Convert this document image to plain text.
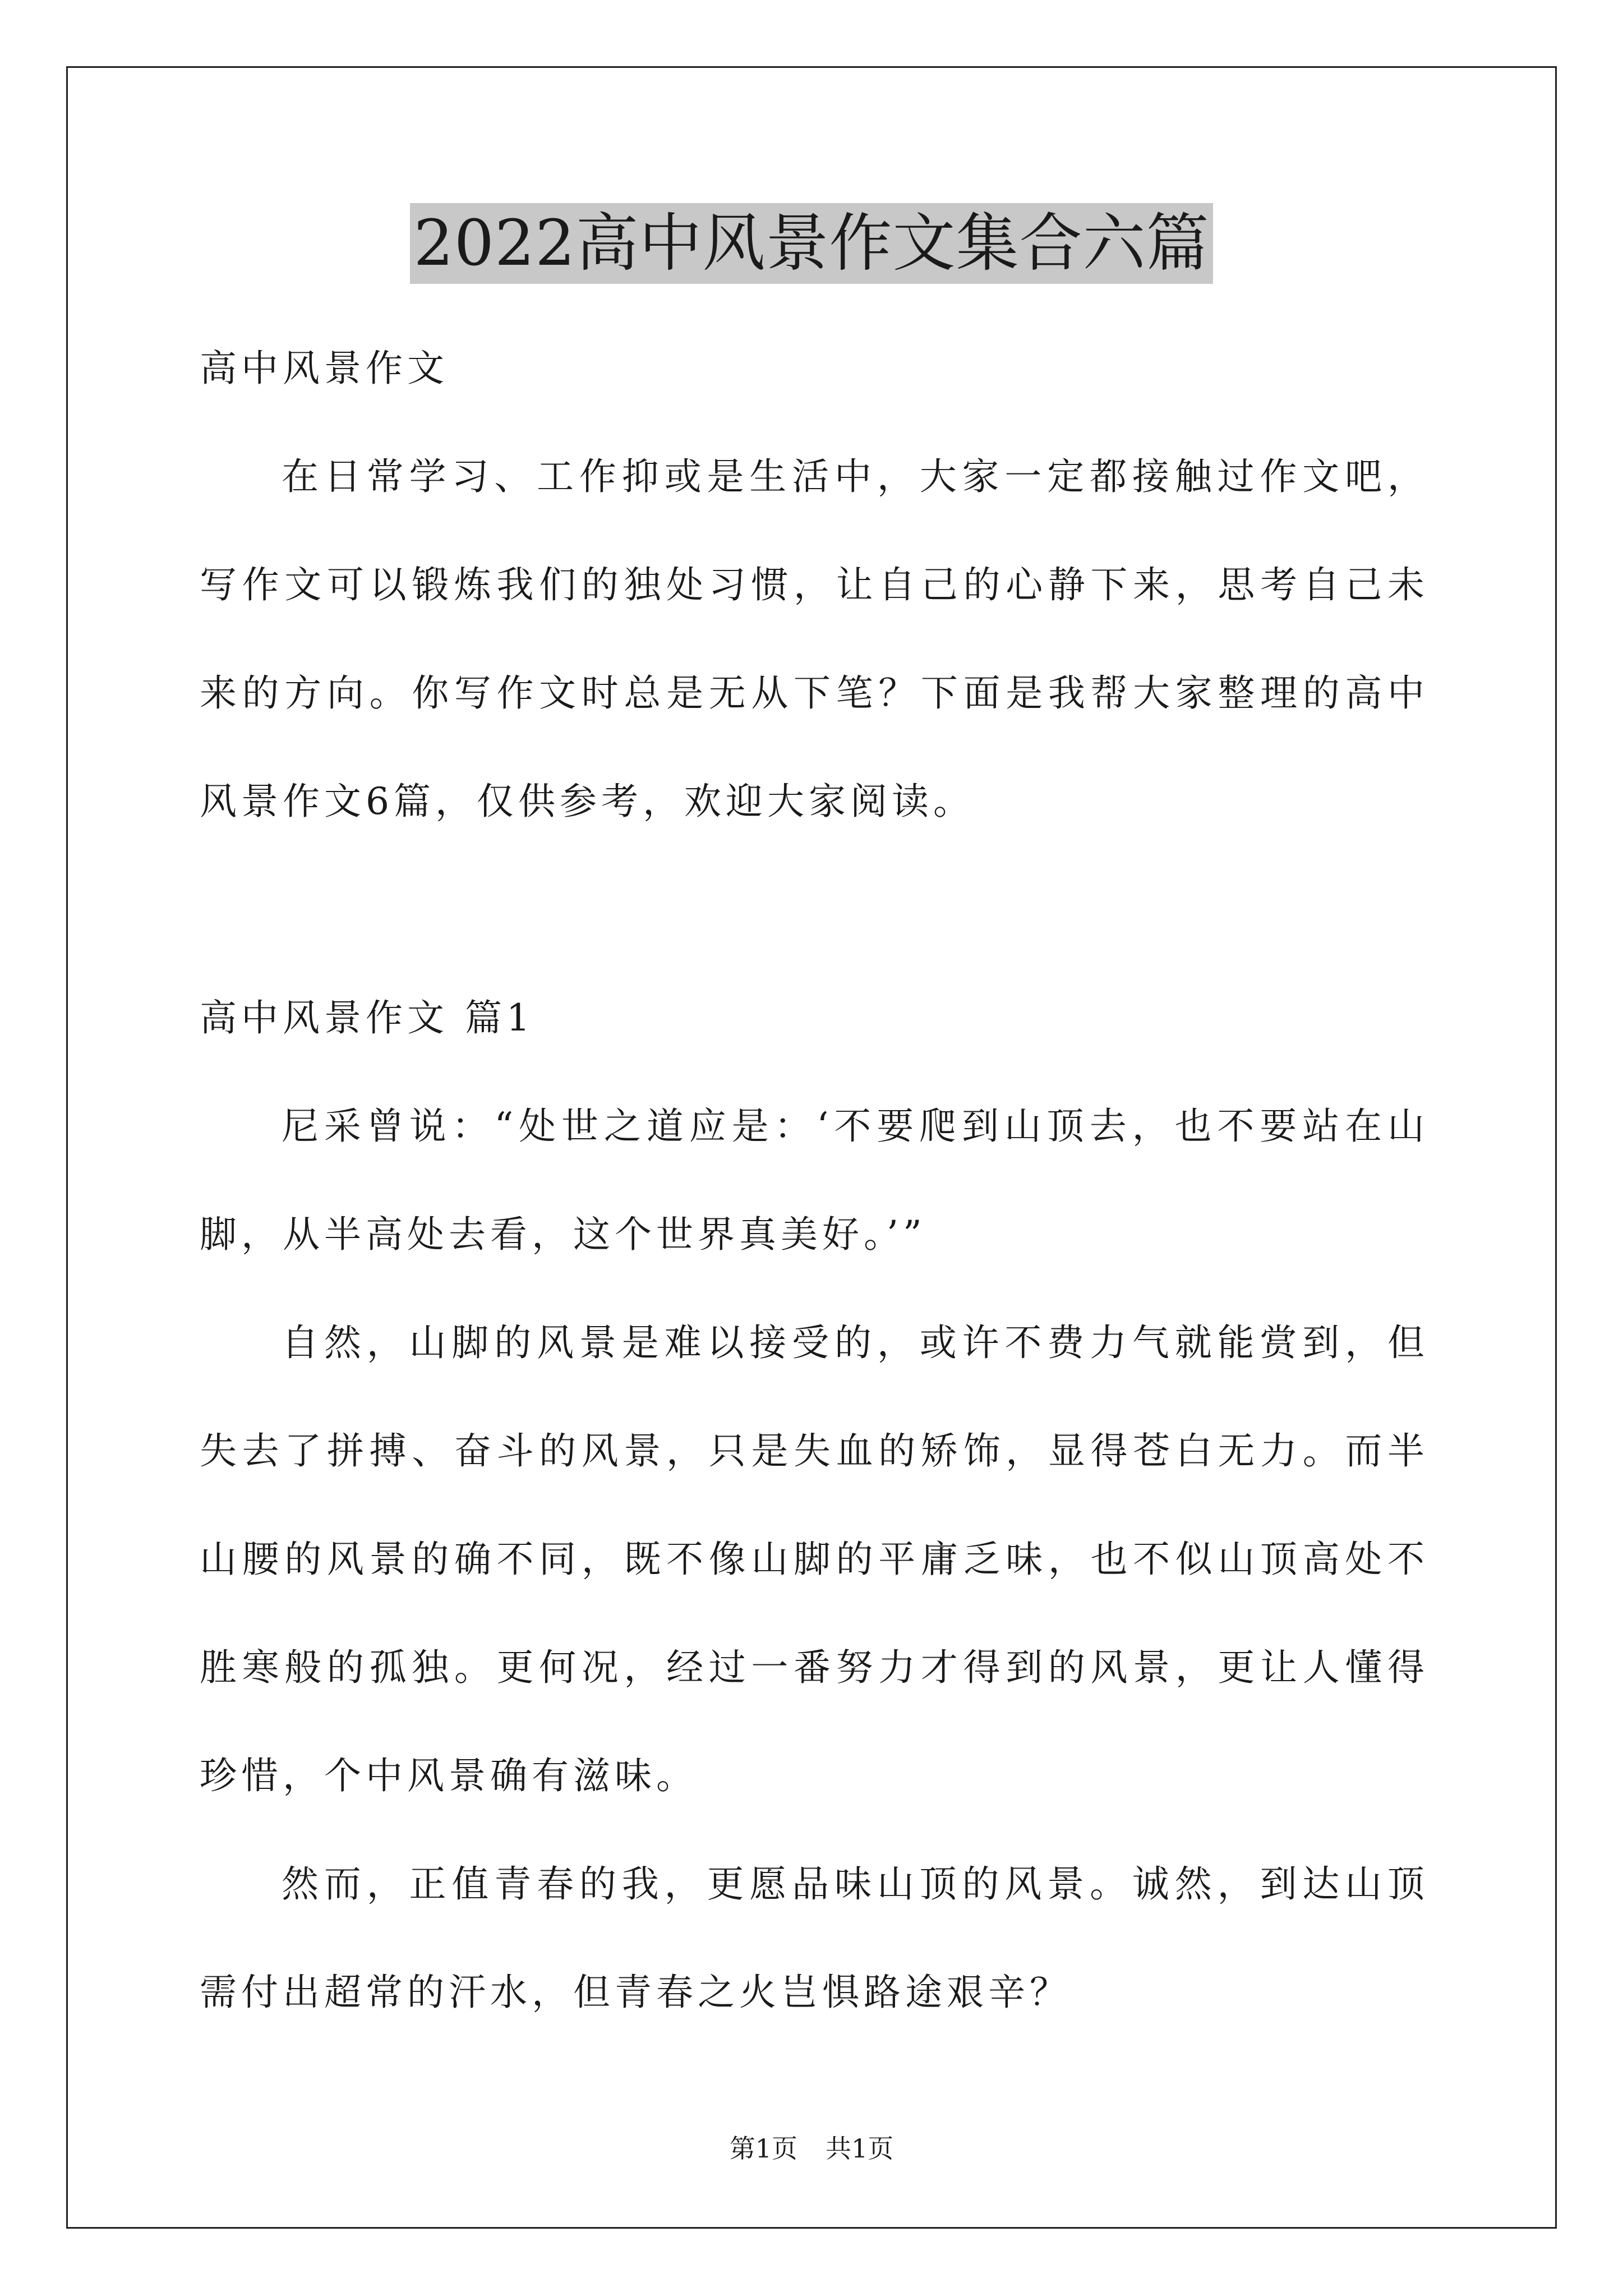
2022高中风景作文集合六篇

高中风景作文

在日常学习、工作抑或是生活中，大家一定都接触过作文吧，写作文可以锻炼我们的独处习惯，让自己的心静下来，思考自己未来的方向。你写作文时总是无从下笔？下面是我帮大家整理的高中风景作文6篇，仅供参考，欢迎大家阅读。

高中风景作文 篇1

尼采曾说：“处世之道应是：‘不要爬到山顶去，也不要站在山脚，从半高处去看，这个世界真美好。’”

自然，山脚的风景是难以接受的，或许不费力气就能赏到，但失去了拼搏、奋斗的风景，只是失血的矫饰，显得苍白无力。而半山腰的风景的确不同，既不像山脚的平庸乏味，也不似山顶高处不胜寒般的孤独。更何况，经过一番努力才得到的风景，更让人懂得珍惜，个中风景确有滋味。

然而，正值青春的我，更愿品味山顶的风景。诚然，到达山顶需付出超常的汗水，但青春之火岂惧路途艰辛？

第1页 共1页
